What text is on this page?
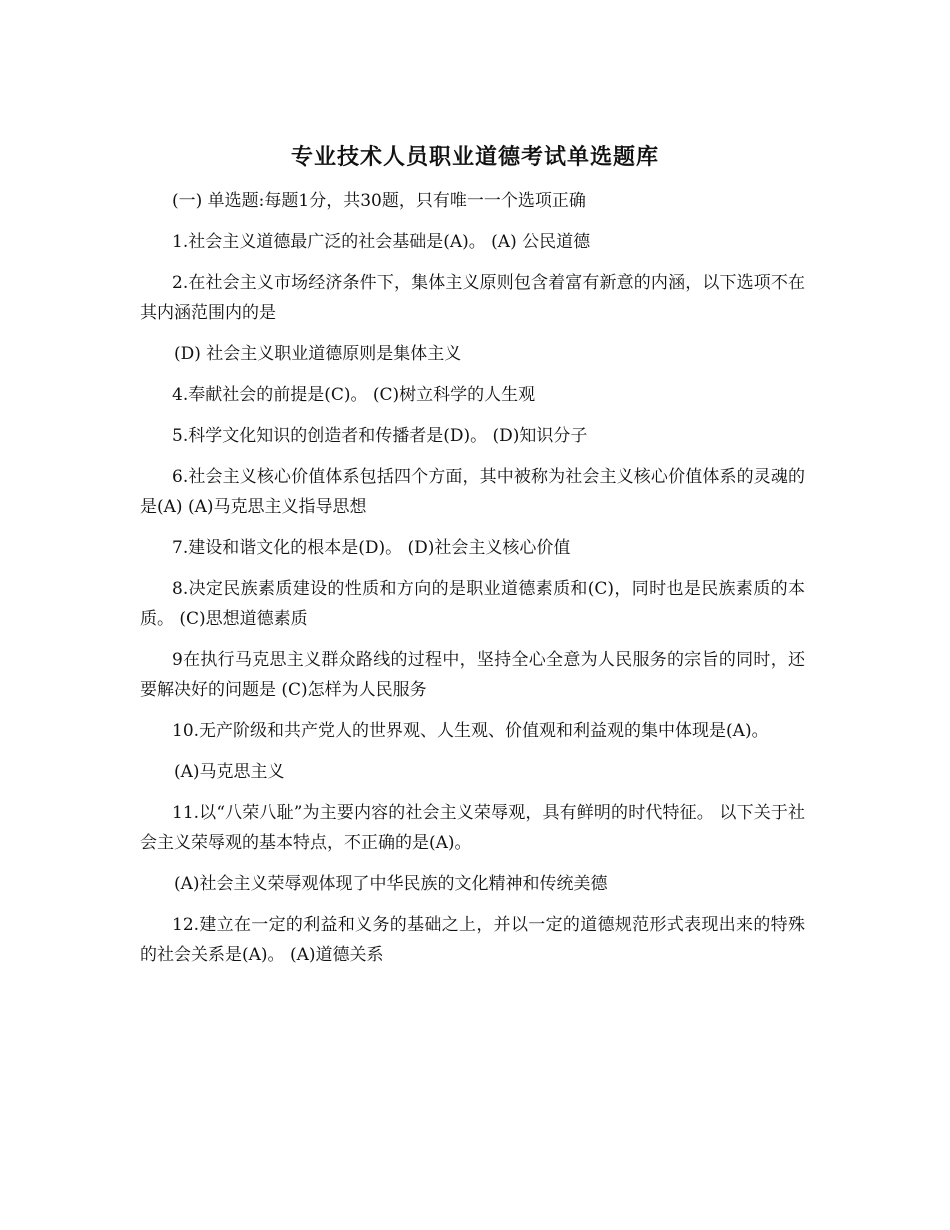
专业技术人员职业道德考试单选题库

(一) 单选题:每题1分，共30题，只有唯一一个选项正确

1.社会主义道德最广泛的社会基础是(A)。 (A) 公民道德

2.在社会主义市场经济条件下，集体主义原则包含着富有新意的内涵，以下选项不在其内涵范围内的是

(D) 社会主义职业道德原则是集体主义

4.奉献社会的前提是(C)。 (C)树立科学的人生观

5.科学文化知识的创造者和传播者是(D)。 (D)知识分子

6.社会主义核心价值体系包括四个方面，其中被称为社会主义核心价值体系的灵魂的是(A) (A)马克思主义指导思想

7.建设和谐文化的根本是(D)。 (D)社会主义核心价值

8.决定民族素质建设的性质和方向的是职业道德素质和(C)，同时也是民族素质的本质。 (C)思想道德素质

9在执行马克思主义群众路线的过程中，坚持全心全意为人民服务的宗旨的同时，还要解决好的问题是 (C)怎样为人民服务

10.无产阶级和共产党人的世界观、人生观、价值观和利益观的集中体现是(A)。

(A)马克思主义

11.以“八荣八耻”为主要内容的社会主义荣辱观，具有鲜明的时代特征。 以下关于社会主义荣辱观的基本特点，不正确的是(A)。

(A)社会主义荣辱观体现了中华民族的文化精神和传统美德

12.建立在一定的利益和义务的基础之上，并以一定的道德规范形式表现出来的特殊的社会关系是(A)。 (A)道德关系
